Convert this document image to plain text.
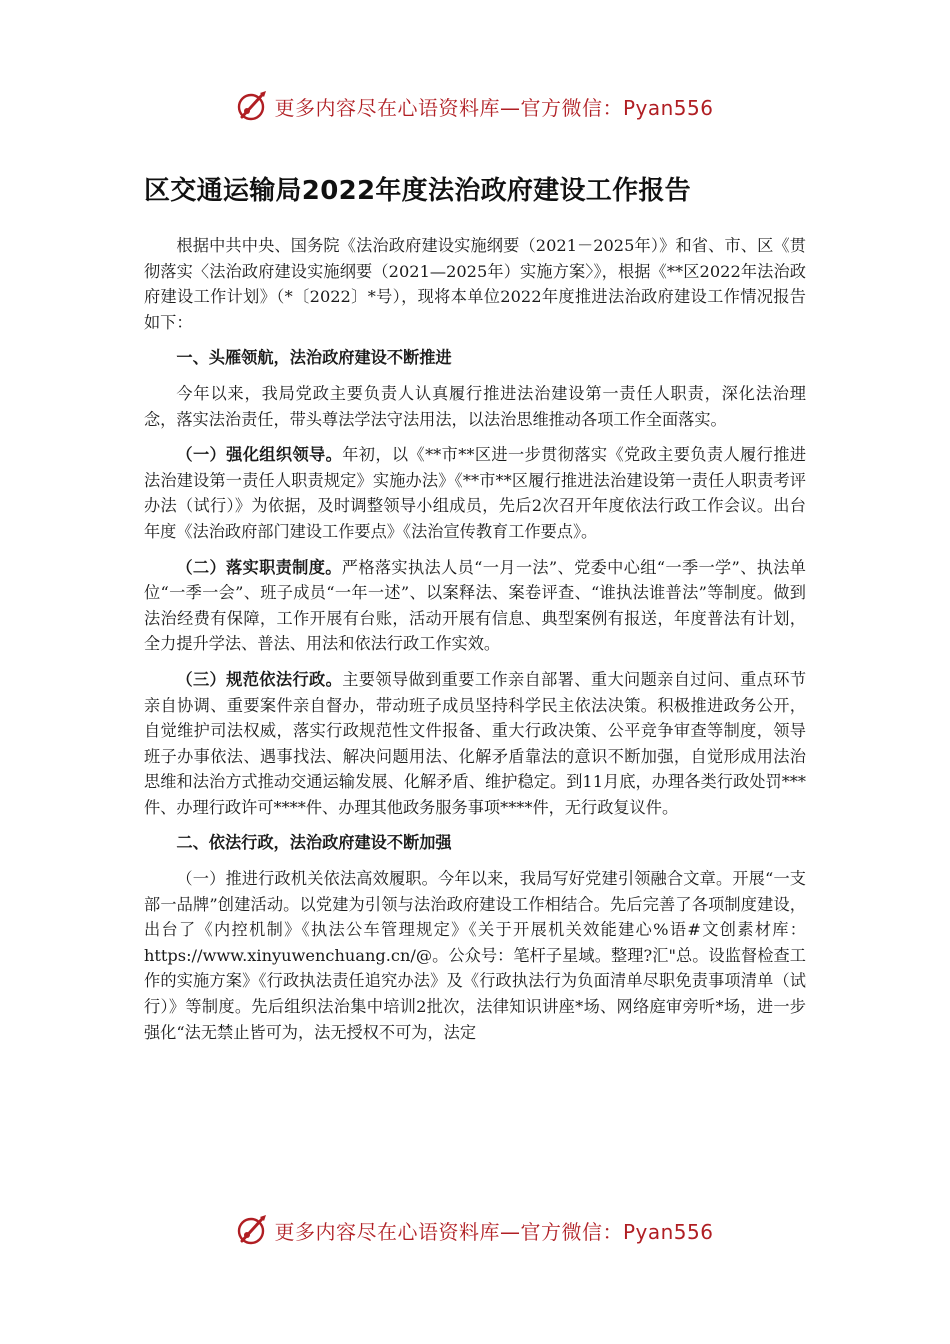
更多内容尽在心语资料库—官方微信：Pyan556
区交通运输局2022年度法治政府建设工作报告

根据中共中央、国务院《法治政府建设实施纲要（2021－2025年）》和省、市、区《贯彻落实〈法治政府建设实施纲要（2021—2025年）实施方案〉》，根据《**区2022年法治政府建设工作计划》（*〔2022〕*号），现将本单位2022年度推进法治政府建设工作情况报告如下：

一、头雁领航，法治政府建设不断推进

今年以来，我局党政主要负责人认真履行推进法治建设第一责任人职责，深化法治理念，落实法治责任，带头尊法学法守法用法，以法治思维推动各项工作全面落实。

（一）强化组织领导。年初，以《**市**区进一步贯彻落实《党政主要负责人履行推进法治建设第一责任人职责规定》实施办法》《**市**区履行推进法治建设第一责任人职责考评办法（试行）》为依据，及时调整领导小组成员，先后2次召开年度依法行政工作会议。出台年度《法治政府部门建设工作要点》《法治宣传教育工作要点》。

（二）落实职责制度。严格落实执法人员“一月一法”、党委中心组“一季一学”、执法单位“一季一会”、班子成员“一年一述”、以案释法、案卷评查、“谁执法谁普法”等制度。做到法治经费有保障，工作开展有台账，活动开展有信息、典型案例有报送，年度普法有计划，全力提升学法、普法、用法和依法行政工作实效。

（三）规范依法行政。主要领导做到重要工作亲自部署、重大问题亲自过问、重点环节亲自协调、重要案件亲自督办，带动班子成员坚持科学民主依法决策。积极推进政务公开，自觉维护司法权威，落实行政规范性文件报备、重大行政决策、公平竞争审查等制度，领导班子办事依法、遇事找法、解决问题用法、化解矛盾靠法的意识不断加强，自觉形成用法治思维和法治方式推动交通运输发展、化解矛盾、维护稳定。到11月底，办理各类行政处罚***件、办理行政许可****件、办理其他政务服务事项****件，无行政复议件。

二、依法行政，法治政府建设不断加强

（一）推进行政机关依法高效履职。今年以来，我局写好党建引领融合文章。开展“一支部一品牌”创建活动。以党建为引领与法治政府建设工作相结合。先后完善了各项制度建设，出台了《内控机制》《执法公车管理规定》《关于开展机关效能建心%语#文创素材库：https://www.xinyuwenchuang.cn/@。公众号：笔杆子星域。整理?汇"总。设监督检查工作的实施方案》《行政执法责任追究办法》及《行政执法行为负面清单尽职免责事项清单（试行）》等制度。先后组织法治集中培训2批次，法律知识讲座*场、网络庭审旁听*场，进一步强化“法无禁止皆可为，法无授权不可为，法定

更多内容尽在心语资料库—官方微信：Pyan556
